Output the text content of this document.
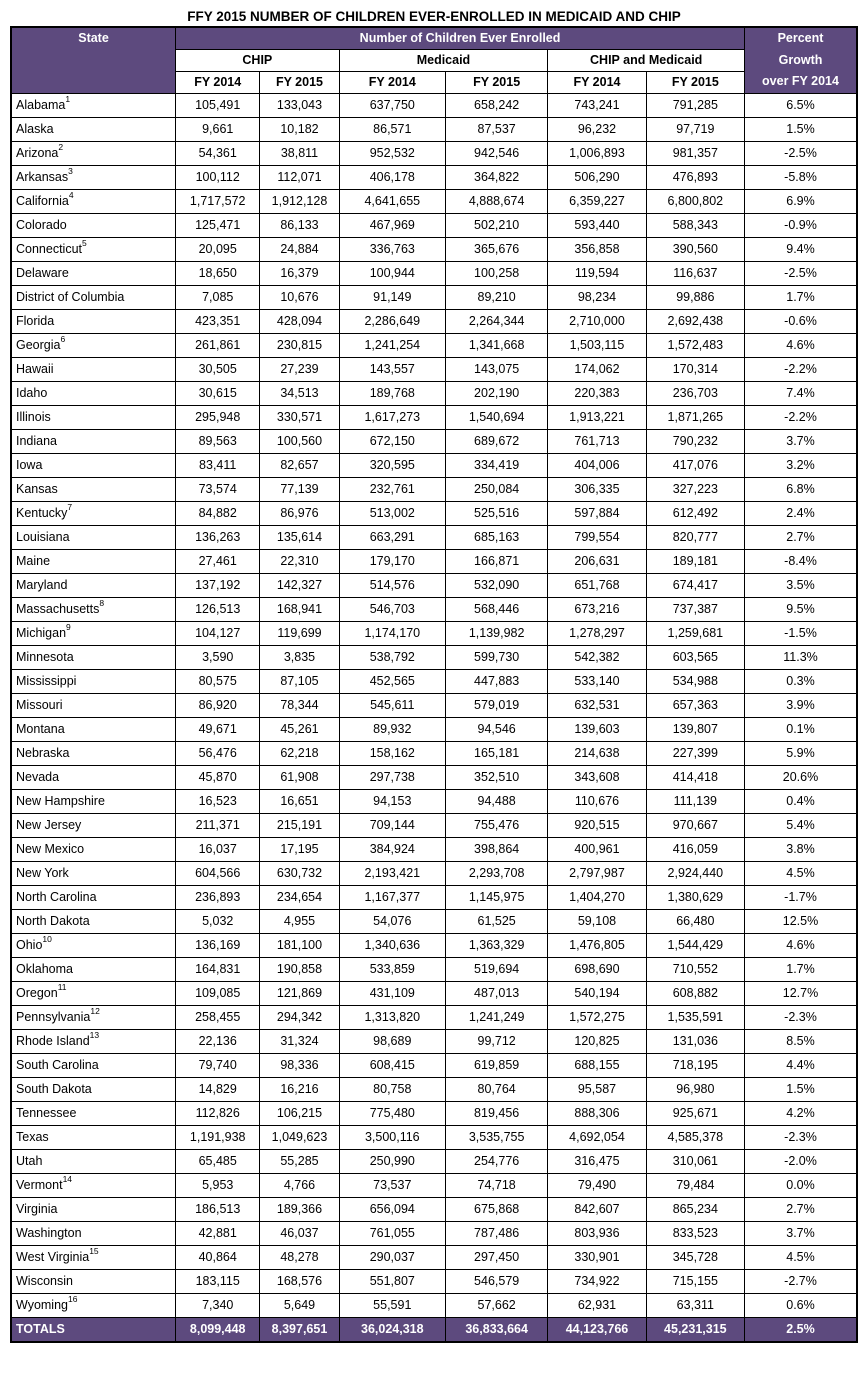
FFY 2015 NUMBER OF CHILDREN EVER-ENROLLED IN MEDICAID AND CHIP
State	Number of Children Ever Enrolled						Percent
Growth
over FY 2014

	CHIP		Medicaid		CHIP and Medicaid		
	FY 2014	FY 2015	FY 2014	FY 2015	FY 2014	FY 2015	
Alabama$^1$	105,491	133,043	637,750	658,242	743,241	791,285	6.5%
Alaska	9,661	10,182	86,571	87,537	96,232	97,719	1.5%
Arizona$^2$	54,361	38,811	952,532	942,546	1,006,893	981,357	-2.5%
Arkansas$^3$	100,112	112,071	406,178	364,822	506,290	476,893	-5.8%
California$^4$	1,717,572	1,912,128	4,641,655	4,888,674	6,359,227	6,800,802	6.9%
Colorado	125,471	86,133	467,969	502,210	593,440	588,343	-0.9%
Connecticut$^5$	20,095	24,884	336,763	365,676	356,858	390,560	9.4%
Delaware	18,650	16,379	100,944	100,258	119,594	116,637	-2.5%
District of Columbia	7,085	10,676	91,149	89,210	98,234	99,886	1.7%
Florida	423,351	428,094	2,286,649	2,264,344	2,710,000	2,692,438	-0.6%
Georgia$^6$	261,861	230,815	1,241,254	1,341,668	1,503,115	1,572,483	4.6%
Hawaii	30,505	27,239	143,557	143,075	174,062	170,314	-2.2%
Idaho	30,615	34,513	189,768	202,190	220,383	236,703	7.4%
Illinois	295,948	330,571	1,617,273	1,540,694	1,913,221	1,871,265	-2.2%
Indiana	89,563	100,560	672,150	689,672	761,713	790,232	3.7%
Iowa	83,411	82,657	320,595	334,419	404,006	417,076	3.2%
Kansas	73,574	77,139	232,761	250,084	306,335	327,223	6.8%
Kentucky$^7$	84,882	86,976	513,002	525,516	597,884	612,492	2.4%
Louisiana	136,263	135,614	663,291	685,163	799,554	820,777	2.7%
Maine	27,461	22,310	179,170	166,871	206,631	189,181	-8.4%
Maryland	137,192	142,327	514,576	532,090	651,768	674,417	3.5%
Massachusetts$^8$	126,513	168,941	546,703	568,446	673,216	737,387	9.5%
Michigan$^9$	104,127	119,699	1,174,170	1,139,982	1,278,297	1,259,681	-1.5%
Minnesota	3,590	3,835	538,792	599,730	542,382	603,565	11.3%
Mississippi	80,575	87,105	452,565	447,883	533,140	534,988	0.3%
Missouri	86,920	78,344	545,611	579,019	632,531	657,363	3.9%
Montana	49,671	45,261	89,932	94,546	139,603	139,807	0.1%
Nebraska	56,476	62,218	158,162	165,181	214,638	227,399	5.9%
Nevada	45,870	61,908	297,738	352,510	343,608	414,418	20.6%
New Hampshire	16,523	16,651	94,153	94,488	110,676	111,139	0.4%
New Jersey	211,371	215,191	709,144	755,476	920,515	970,667	5.4%
New Mexico	16,037	17,195	384,924	398,864	400,961	416,059	3.8%
New York	604,566	630,732	2,193,421	2,293,708	2,797,987	2,924,440	4.5%
North Carolina	236,893	234,654	1,167,377	1,145,975	1,404,270	1,380,629	-1.7%
North Dakota	5,032	4,955	54,076	61,525	59,108	66,480	12.5%
Ohio$^{10}$	136,169	181,100	1,340,636	1,363,329	1,476,805	1,544,429	4.6%
Oklahoma	164,831	190,858	533,859	519,694	698,690	710,552	1.7%
Oregon$^{11}$	109,085	121,869	431,109	487,013	540,194	608,882	12.7%
Pennsylvania$^{12}$	258,455	294,342	1,313,820	1,241,249	1,572,275	1,535,591	-2.3%
Rhode Island$^{13}$	22,136	31,324	98,689	99,712	120,825	131,036	8.5%
South Carolina	79,740	98,336	608,415	619,859	688,155	718,195	4.4%
South Dakota	14,829	16,216	80,758	80,764	95,587	96,980	1.5%
Tennessee	112,826	106,215	775,480	819,456	888,306	925,671	4.2%
Texas	1,191,938	1,049,623	3,500,116	3,535,755	4,692,054	4,585,378	-2.3%
Utah	65,485	55,285	250,990	254,776	316,475	310,061	-2.0%
Vermont$^{14}$	5,953	4,766	73,537	74,718	79,490	79,484	0.0%
Virginia	186,513	189,366	656,094	675,868	842,607	865,234	2.7%
Washington	42,881	46,037	761,055	787,486	803,936	833,523	3.7%
West Virginia$^{15}$	40,864	48,278	290,037	297,450	330,901	345,728	4.5%
Wisconsin	183,115	168,576	551,807	546,579	734,922	715,155	-2.7%
Wyoming$^{16}$	7,340	5,649	55,591	57,662	62,931	63,311	0.6%
TOTALS	8,099,448	8,397,651	36,024,318	36,833,664	44,123,766	45,231,315	2.5%
